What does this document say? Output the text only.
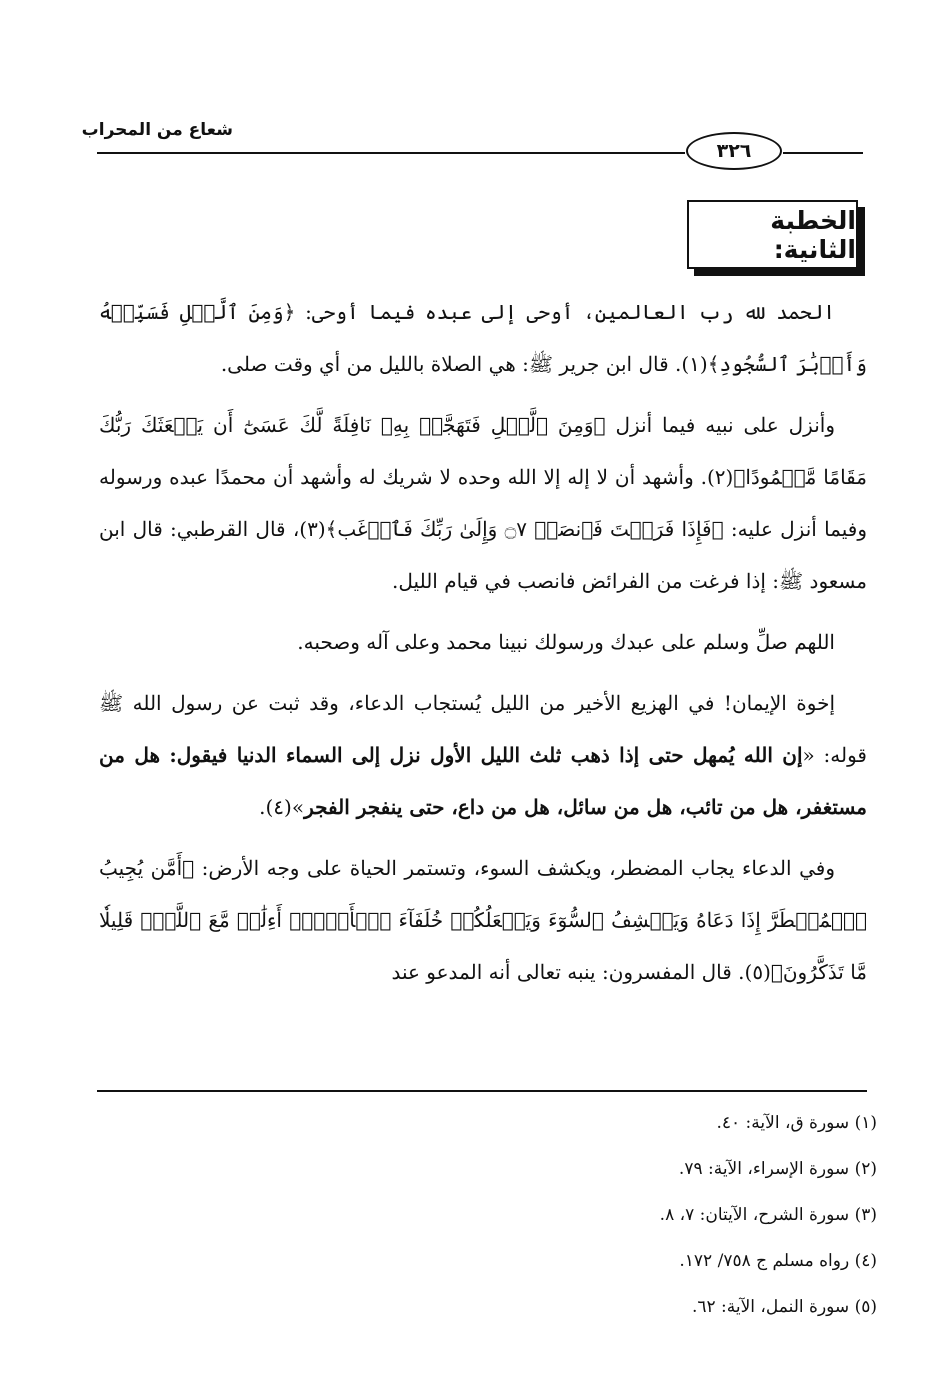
شعاع من المحراب
٣٢٦
الخطبة الثانية:

الحمد لله رب العالمين، أوحى إلى عبده فيما أوحى: ﴿وَمِنَ ٱلَّيۡلِ فَسَبِّحۡهُ وَأَدۡبَٰرَ ٱلسُّجُودِ﴾(١). قال ابن جرير ﷺ: هي الصلاة بالليل من أي وقت صلى.

وأنزل على نبيه فيما أنزل ﴿وَمِنَ ٱلَّيۡلِ فَتَهَجَّدۡ بِهِۦ نَافِلَةً لَّكَ عَسَىٰٓ أَن يَبۡعَثَكَ رَبُّكَ مَقَامًا مَّحۡمُودًا﴾(٢). وأشهد أن لا إله إلا الله وحده لا شريك له وأشهد أن محمدًا عبده ورسوله وفيما أنزل عليه: ﴿فَإِذَا فَرَغۡتَ فَٱنصَبۡ ۝٧ وَإِلَىٰ رَبِّكَ فَٱرۡغَب﴾(٣)، قال القرطبي: قال ابن مسعود ﷺ: إذا فرغت من الفرائض فانصب في قيام الليل.

اللهم صلِّ وسلم على عبدك ورسولك نبينا محمد وعلى آله وصحبه.

إخوة الإيمان! في الهزيع الأخير من الليل يُستجاب الدعاء، وقد ثبت عن رسول الله ﷺ قوله: «إن الله يُمهل حتى إذا ذهب ثلث الليل الأول نزل إلى السماء الدنيا فيقول: هل من مستغفر، هل من تائب، هل من سائل، هل من داع، حتى ينفجر الفجر»(٤).

وفي الدعاء يجاب المضطر، ويكشف السوء، وتستمر الحياة على وجه الأرض: ﴿أَمَّن يُجِيبُ ٱلۡمُضۡطَرَّ إِذَا دَعَاهُ وَيَكۡشِفُ ٱلسُّوٓءَ وَيَجۡعَلُكُمۡ خُلَفَآءَ ٱلۡأَرۡضِۗ أَءِلَٰهٞ مَّعَ ٱللَّهِۚ قَلِيلٗا مَّا تَذَكَّرُونَ﴾(٥). قال المفسرون: ينبه تعالى أنه المدعو عند

(١) سورة ق، الآية: ٤٠.
(٢) سورة الإسراء، الآية: ٧٩.
(٣) سورة الشرح، الآيتان: ٧، ٨.
(٤) رواه مسلم ج ٧٥٨/ ١٧٢.
(٥) سورة النمل، الآية: ٦٢.
